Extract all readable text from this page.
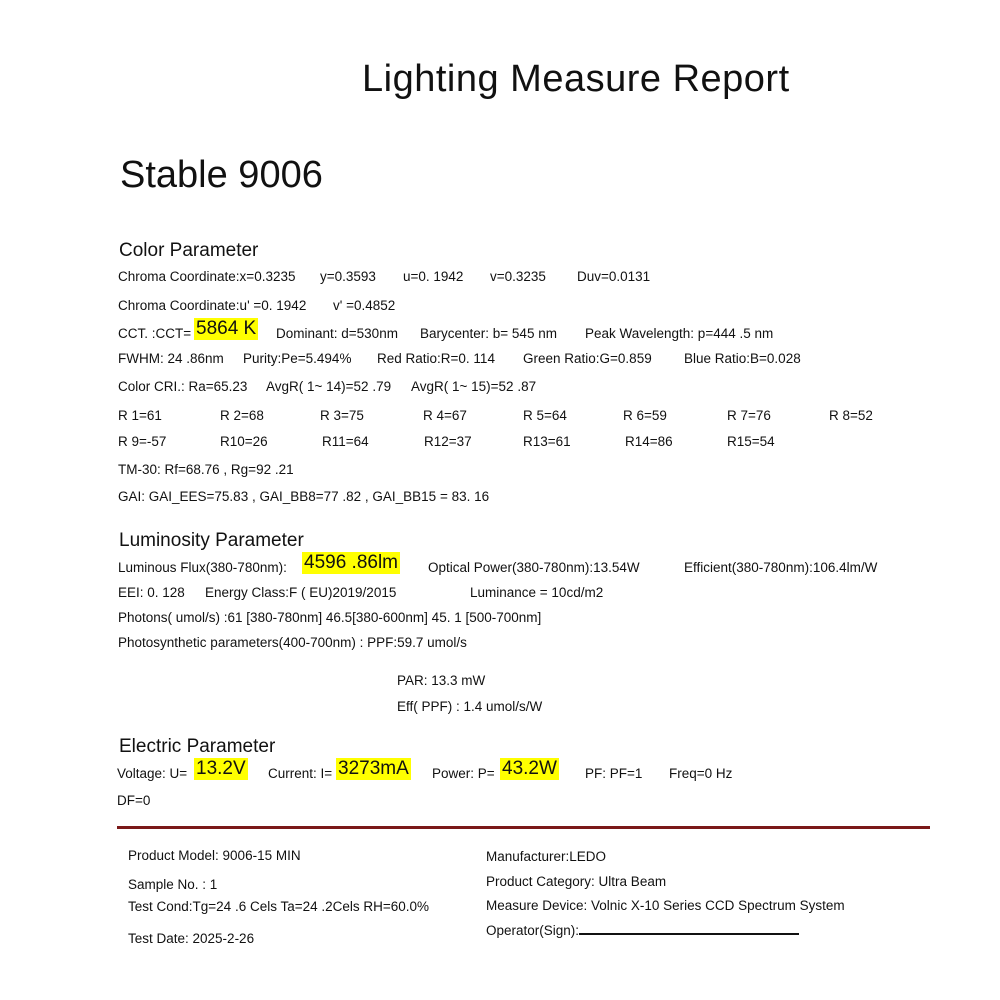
Lighting Measure Report
Stable 9006
Color Parameter
Chroma Coordinate:x=0.3235 y=0.3593 u=0. 1942 v=0.3235 Duv=0.0131
Chroma Coordinate:u' =0. 1942 v' =0.4852
CCT. :CCT= 5864 K Dominant: d=530nm Barycenter: b= 545 nm Peak Wavelength: p=444 .5 nm
FWHM: 24 .86nm Purity:Pe=5.494% Red Ratio:R=0. 114 Green Ratio:G=0.859 Blue Ratio:B=0.028
Color CRI.: Ra=65.23 AvgR( 1~ 14)=52 .79 AvgR( 1~ 15)=52 .87
R 1=61	R 2=68	R 3=75	R 4=67	R 5=64	R 6=59	R 7=76	R 8=52
R 9=-57	R10=26	R11=64	R12=37	R13=61	R14=86	R15=54
TM-30: Rf=68.76 , Rg=92 .21
GAI: GAI_EES=75.83 , GAI_BB8=77 .82 , GAI_BB15 = 83. 16
Luminosity Parameter
Luminous Flux(380-780nm): 4596 .86lm Optical Power(380-780nm):13.54W	Efficient(380-780nm):106.4lm/W
EEI: 0. 128 Energy Class:F ( EU)2019/2015	Luminance = 10cd/m2
Photons( umol/s) :61 [380-780nm] 46.5[380-600nm] 45. 1 [500-700nm]
Photosynthetic parameters(400-700nm) : PPF:59.7 umol/s
PAR: 13.3 mW
Eff( PPF) : 1.4 umol/s/W
Electric Parameter
Voltage: U= 13.2V Current: I= 3273mA Power: P= 43.2W PF: PF=1 Freq=0 Hz
DF=0
Product Model: 9006-15 MIN
Sample No. : 1
Test Cond:Tg=24 .6 Cels Ta=24 .2Cels RH=60.0%
Test Date: 2025-2-26
Manufacturer:LEDO
Product Category: Ultra Beam
Measure Device: Volnic X-10 Series CCD Spectrum System
Operator(Sign):
